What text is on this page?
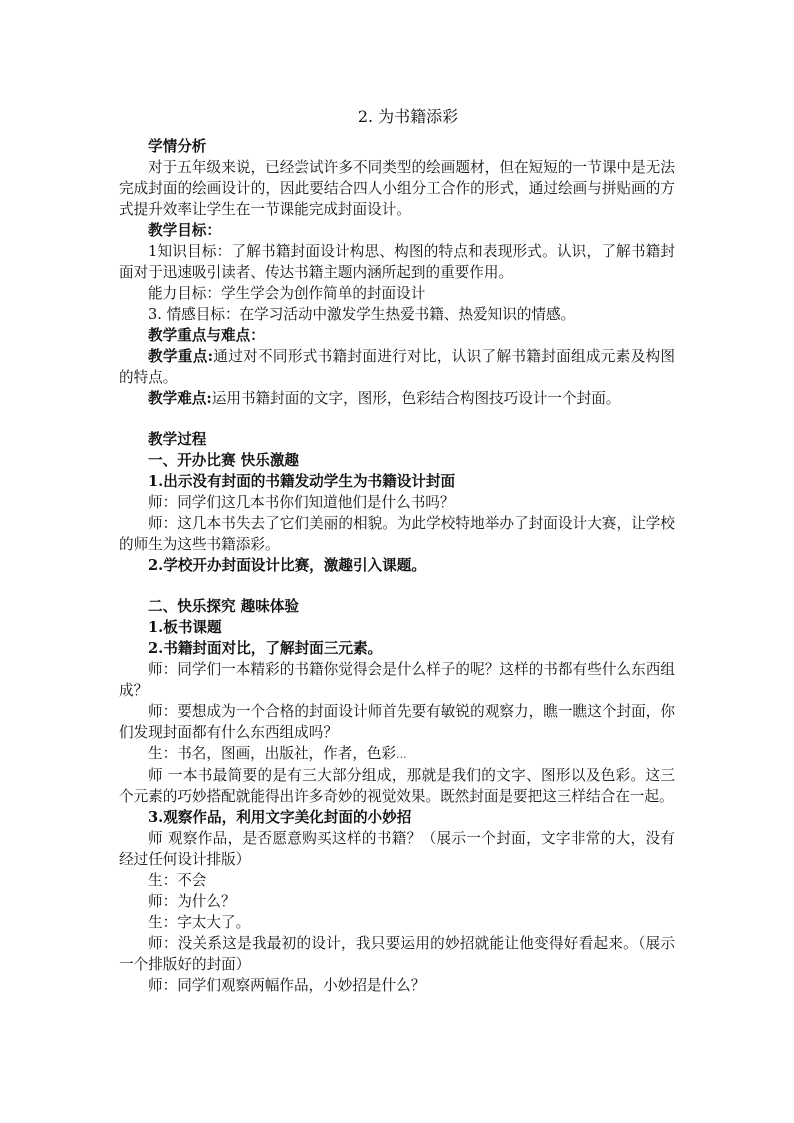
2. 为书籍添彩

学情分析

对于五年级来说，已经尝试许多不同类型的绘画题材，但在短短的一节课中是无法完成封面的绘画设计的，因此要结合四人小组分工合作的形式，通过绘画与拼贴画的方式提升效率让学生在一节课能完成封面设计。

教学目标：

1知识目标：了解书籍封面设计构思、构图的特点和表现形式。认识，了解书籍封面对于迅速吸引读者、传达书籍主题内涵所起到的重要作用。

能力目标：学生学会为创作简单的封面设计

3. 情感目标：在学习活动中激发学生热爱书籍、热爱知识的情感。

教学重点与难点：

教学重点:通过对不同形式书籍封面进行对比，认识了解书籍封面组成元素及构图的特点。

教学难点:运用书籍封面的文字，图形，色彩结合构图技巧设计一个封面。

教学过程

一、开办比赛 快乐激趣

1.出示没有封面的书籍发动学生为书籍设计封面

师：同学们这几本书你们知道他们是什么书吗？

师：这几本书失去了它们美丽的相貌。为此学校特地举办了封面设计大赛，让学校的师生为这些书籍添彩。

2.学校开办封面设计比赛，激趣引入课题。

二、快乐探究 趣味体验

1.板书课题

2.书籍封面对比，了解封面三元素。

师：同学们一本精彩的书籍你觉得会是什么样子的呢？这样的书都有些什么东西组成？

师：要想成为一个合格的封面设计师首先要有敏锐的观察力，瞧一瞧这个封面，你们发现封面都有什么东西组成吗？

生：书名，图画，出版社，作者，色彩...

师 一本书最简要的是有三大部分组成，那就是我们的文字、图形以及色彩。这三个元素的巧妙搭配就能得出许多奇妙的视觉效果。既然封面是要把这三样结合在一起。

3.观察作品，利用文字美化封面的小妙招

师 观察作品，是否愿意购买这样的书籍？（展示一个封面，文字非常的大，没有经过任何设计排版）

生：不会

师：为什么？

生：字太大了。

师：没关系这是我最初的设计，我只要运用的妙招就能让他变得好看起来。（展示一个排版好的封面）

师：同学们观察两幅作品，小妙招是什么？
